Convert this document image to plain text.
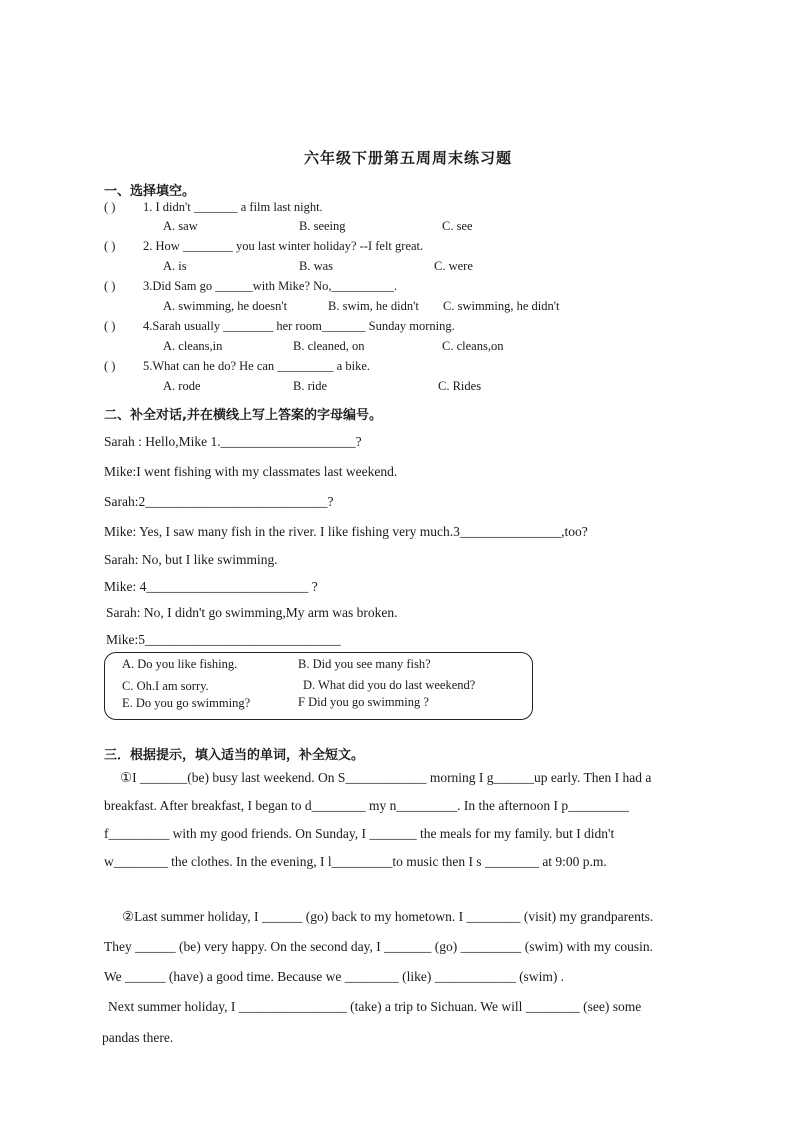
六年级下册第五周周末练习题
一、选择填空。
( ) 1. I didn't _______ a film last night.
A. saw	B. seeing	C. see
( ) 2. How ________ you last winter holiday? --I felt great.
A. is	B. was	C. were
( ) 3.Did Sam go ______with Mike? No,__________.
A. swimming, he doesn't	B. swim, he didn't C. swimming, he didn't
( ) 4.Sarah usually ________ her room_______ Sunday morning.
A. cleans,in	B. cleaned, on	C. cleans,on
( ) 5.What can he do? He can _________ a bike.
A. rode	B. ride	C. Rides
二、补全对话,并在横线上写上答案的字母编号。
Sarah : Hello,Mike 1.____________________?
Mike:I went fishing with my classmates last weekend.
Sarah:2___________________________?
Mike: Yes, I saw many fish in the river. I like fishing very much.3_______________,too?
Sarah: No, but I like swimming.
Mike: 4________________________ ?
Sarah: No, I didn't go swimming,My arm was broken.
Mike:5_____________________________
A. Do you like fishing.	B. Did you see many fish?
C. Oh.I am sorry.	D. What did you do last weekend?
E. Do you go swimming?	F Did you go swimming ?
三．根据提示，填入适当的单词，补全短文。
①I _______(be) busy last weekend. On S____________ morning I g______up early. Then I had a
breakfast. After breakfast, I began to d________ my n_________. In the afternoon I p_________
f_________ with my good friends. On Sunday, I _______ the meals for my family. but I didn't
w________ the clothes. In the evening, I l_________to music then I s ________ at 9:00 p.m.
②Last summer holiday, I ______ (go) back to my hometown. I ________ (visit) my grandparents.
They ______ (be) very happy. On the second day, I _______ (go) _________ (swim) with my cousin.
We ______ (have) a good time. Because we ________ (like) ____________ (swim) .
Next summer holiday, I ________________ (take) a trip to Sichuan. We will ________ (see) some
pandas there.
